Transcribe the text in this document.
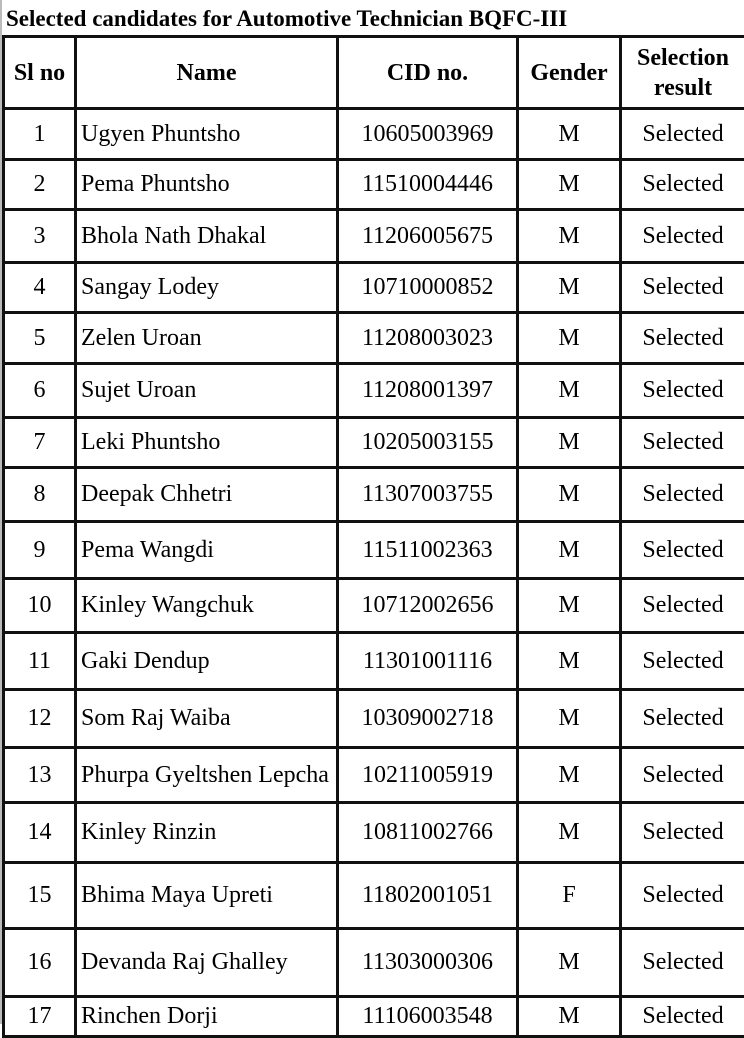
Selected candidates for Automotive Technician BQFC-III
Sl no	Name	CID no.	Gender	Selection result
1	Ugyen Phuntsho	10605003969	M	Selected
2	Pema Phuntsho	11510004446	M	Selected
3	Bhola Nath Dhakal	11206005675	M	Selected
4	Sangay Lodey	10710000852	M	Selected
5	Zelen Uroan	11208003023	M	Selected
6	Sujet Uroan	11208001397	M	Selected
7	Leki Phuntsho	10205003155	M	Selected
8	Deepak Chhetri	11307003755	M	Selected
9	Pema Wangdi	11511002363	M	Selected
10	Kinley Wangchuk	10712002656	M	Selected
11	Gaki Dendup	11301001116	M	Selected
12	Som Raj Waiba	10309002718	M	Selected
13	Phurpa Gyeltshen Lepcha	10211005919	M	Selected
14	Kinley Rinzin	10811002766	M	Selected
15	Bhima Maya Upreti	11802001051	F	Selected
16	Devanda Raj Ghalley	11303000306	M	Selected
17	Rinchen Dorji	11106003548	M	Selected
